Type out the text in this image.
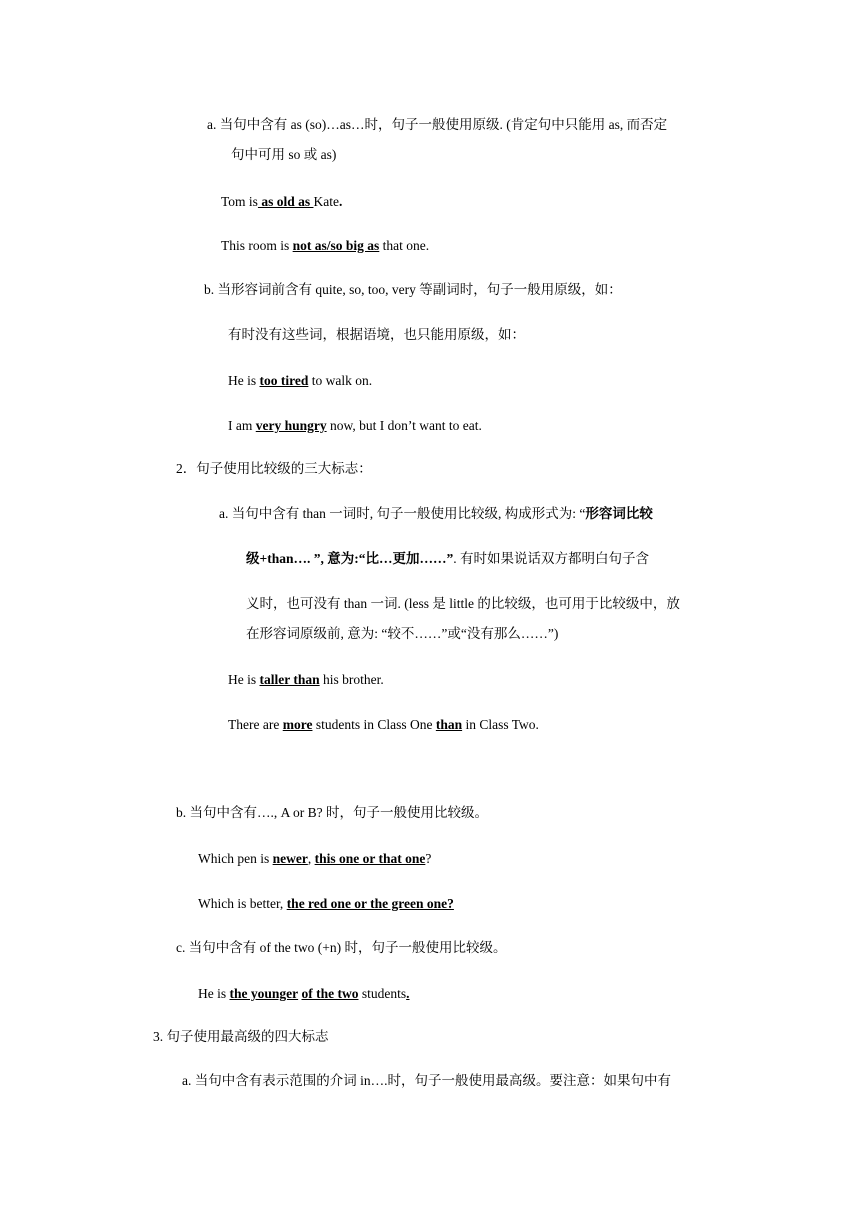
a. 当句中含有 as (so)…as…时，句子一般使用原级. (肯定句中只能用 as, 而否定
句中可用 so 或 as)
Tom is as old as Kate.
This room is not as/so big as that one.
b. 当形容词前含有 quite, so, too, very 等副词时，句子一般用原级，如：
有时没有这些词，根据语境，也只能用原级，如：
He is too tired to walk on.
I am very hungry now, but I don’t want to eat.
2．句子使用比较级的三大标志：
a. 当句中含有 than 一词时, 句子一般使用比较级, 构成形式为: “形容词比较
级+than…. ”, 意为:“比…更加……”. 有时如果说话双方都明白句子含
义时，也可没有 than 一词. (less 是 little 的比较级，也可用于比较级中，放
在形容词原级前, 意为: “较不……”或“没有那么……”)
He is taller than his brother.
There are more students in Class One than in Class Two.
b. 当句中含有…., A or B? 时，句子一般使用比较级。
Which pen is newer, this one or that one?
Which is better, the red one or the green one?
c. 当句中含有 of the two (+n) 时，句子一般使用比较级。
He is the younger of the two students.
3. 句子使用最高级的四大标志
a. 当句中含有表示范围的介词 in….时，句子一般使用最高级。要注意：如果句中有
